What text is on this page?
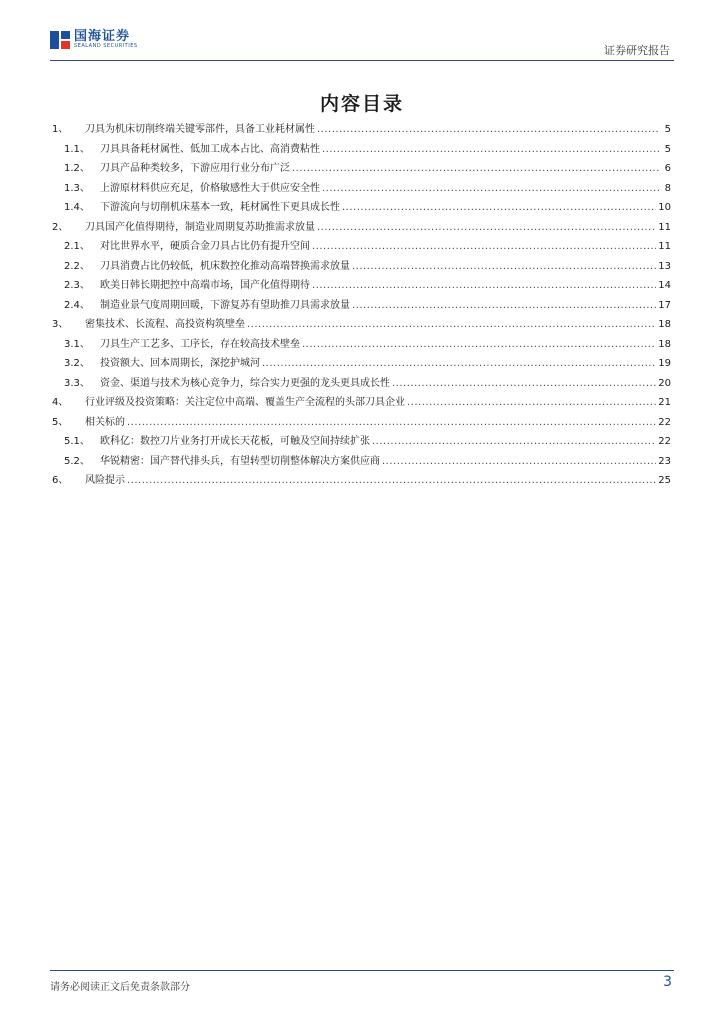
国海证券
SEALAND SECURITIES	证券研究报告
内容目录
1、	刀具为机床切削终端关键零部件，具备工业耗材属性 .....	5
1.1、	刀具具备耗材属性、低加工成本占比、高消费粘性 .....	5
1.2、	刀具产品种类较多，下游应用行业分布广泛 .....	6
1.3、	上游原材料供应充足，价格敏感性大于供应安全性 .....	8
1.4、	下游流向与切削机床基本一致，耗材属性下更具成长性 .....	10
2、	刀具国产化值得期待，制造业周期复苏助推需求放量 .....	11
2.1、	对比世界水平，硬质合金刀具占比仍有提升空间 .....	11
2.2、	刀具消费占比仍较低，机床数控化推动高端替换需求放量 .....	13
2.3、	欧美日韩长期把控中高端市场，国产化值得期待 .....	14
2.4、	制造业景气度周期回暖，下游复苏有望助推刀具需求放量 .....	17
3、	密集技术、长流程、高投资构筑壁垒 .....	18
3.1、	刀具生产工艺多、工序长，存在较高技术壁垒 .....	18
3.2、	投资额大、回本周期长，深挖护城河 .....	19
3.3、	资金、渠道与技术为核心竞争力，综合实力更强的龙头更具成长性 .....	20
4、	行业评级及投资策略：关注定位中高端、覆盖生产全流程的头部刀具企业 .....	21
5、	相关标的 .....	22
5.1、	欧科亿：数控刀片业务打开成长天花板，可触及空间持续扩张 .....	22
5.2、	华锐精密：国产替代排头兵，有望转型切削整体解决方案供应商 .....	23
6、	风险提示 .....	25
请务必阅读正文后免责条款部分	3
